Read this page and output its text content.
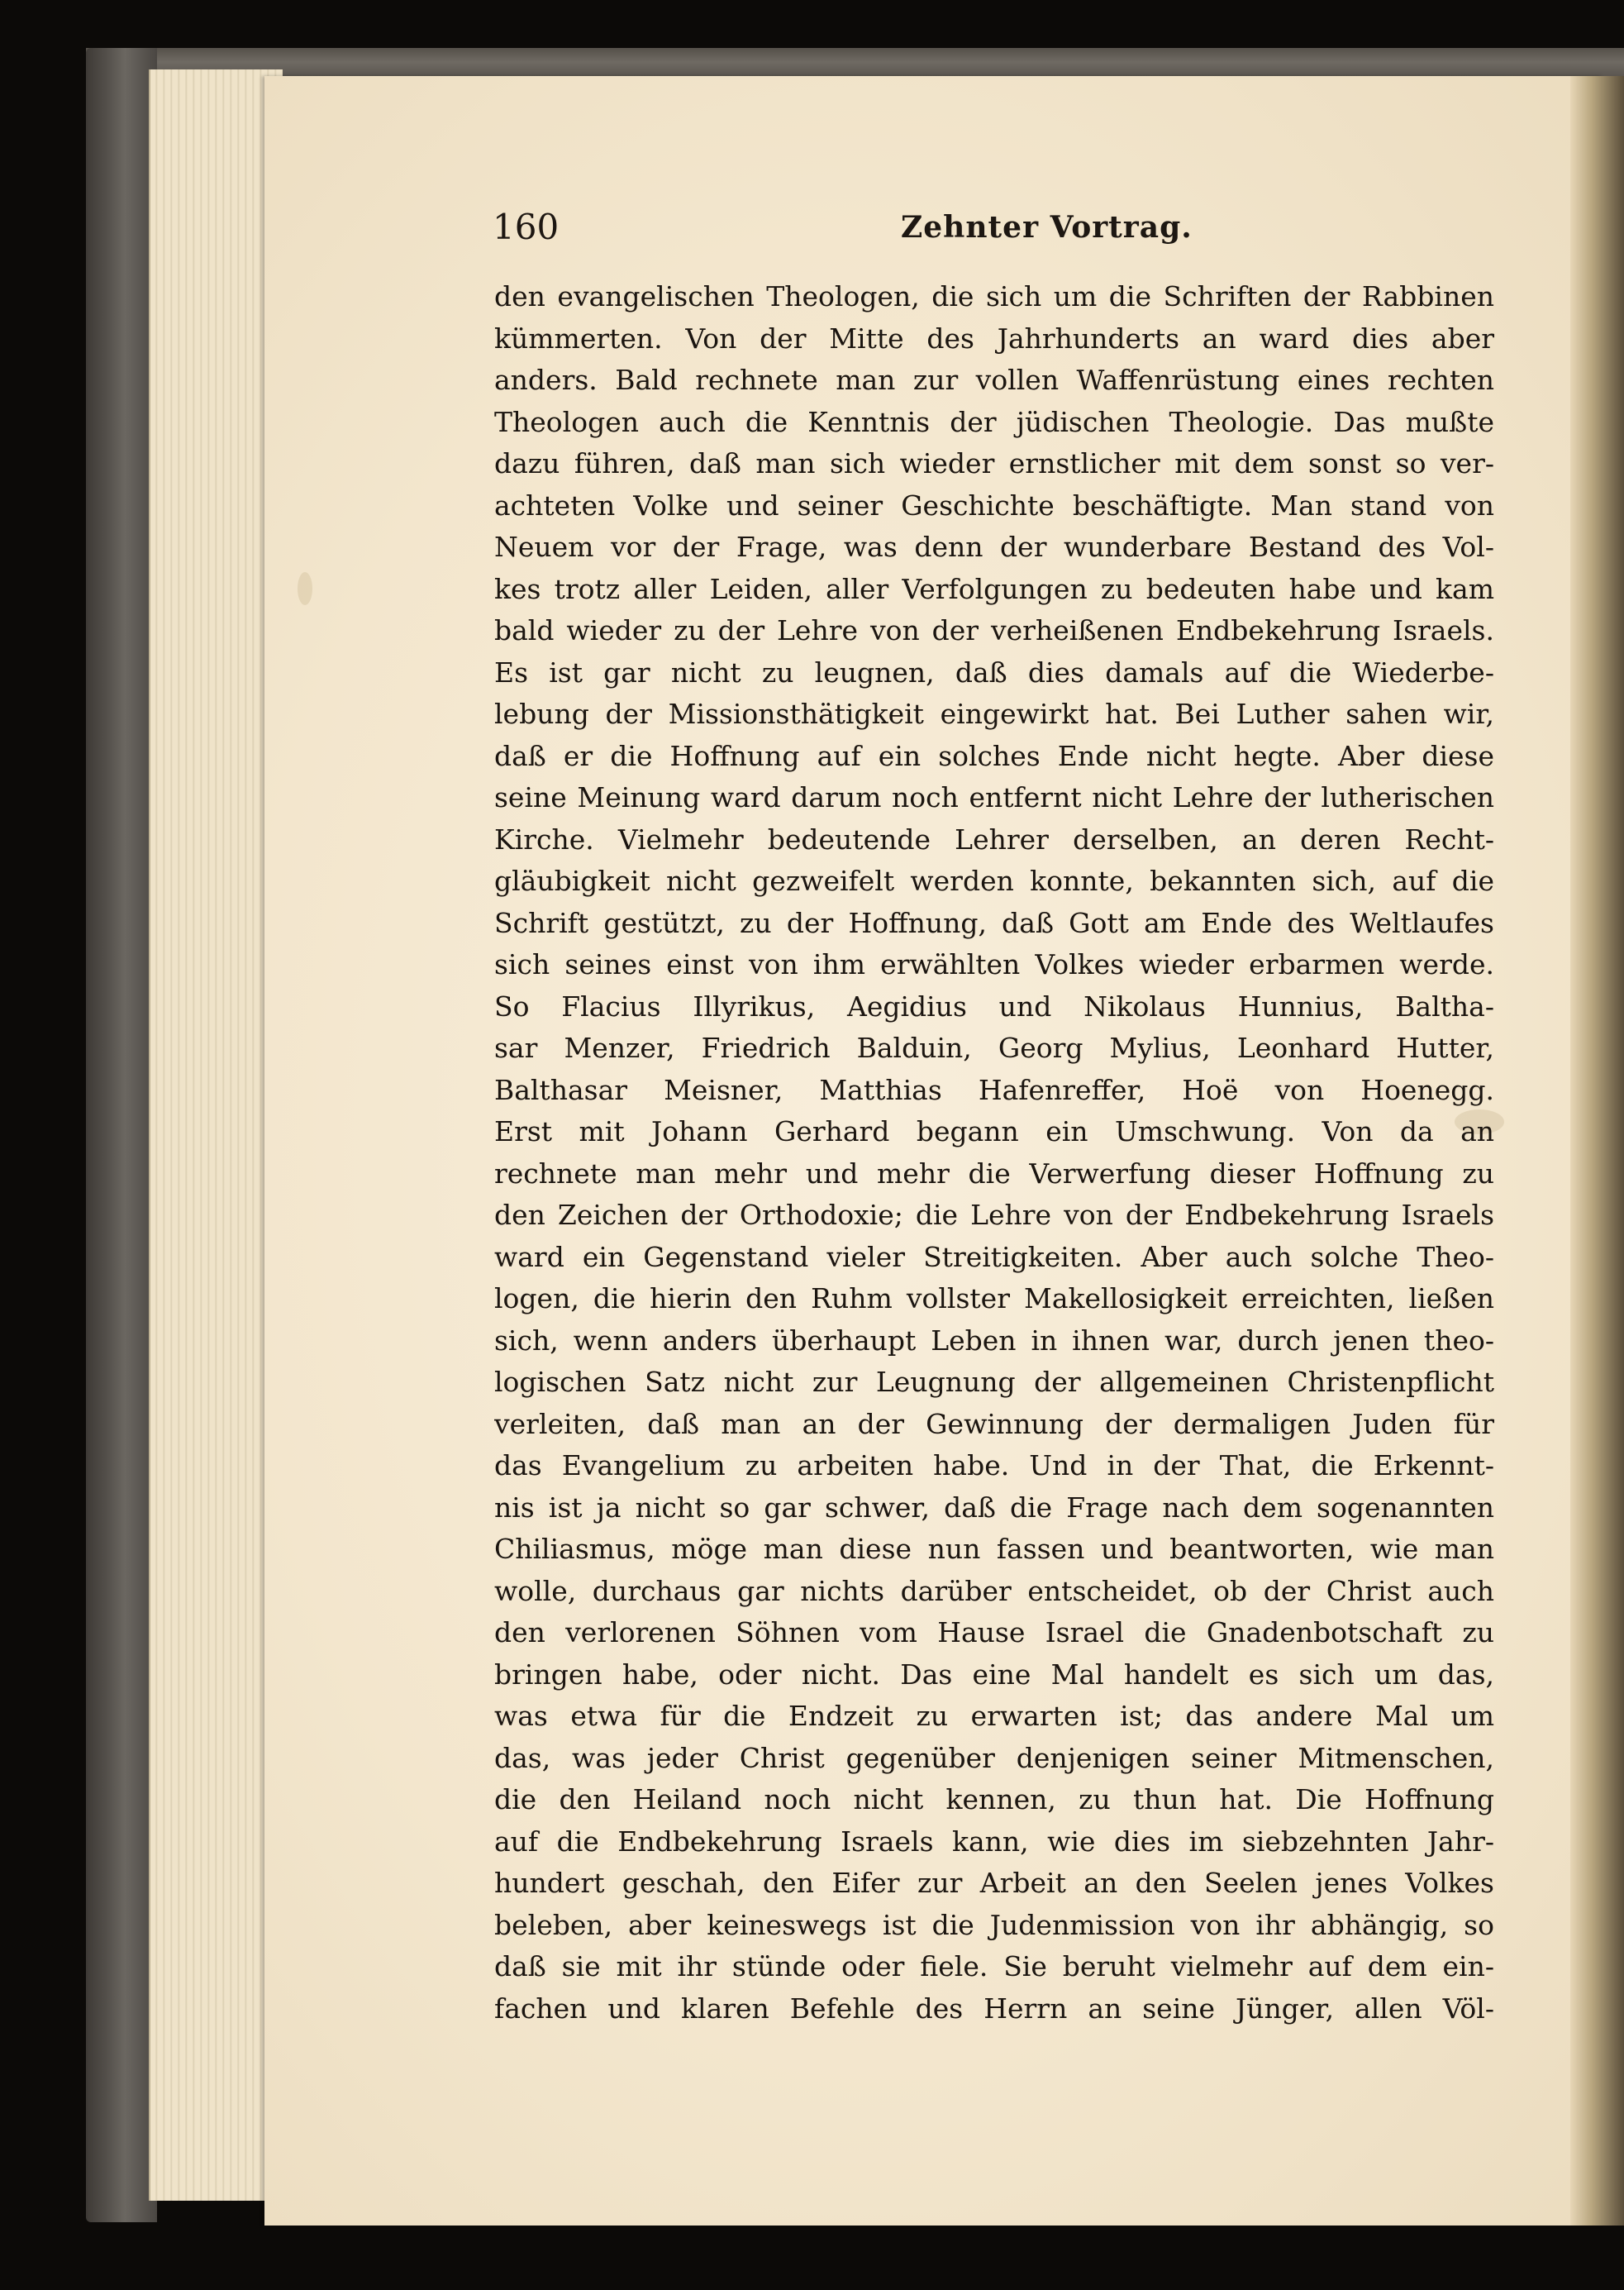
160	Zehnter Vortrag.
den evangelischen Theologen, die sich um die Schriften der Rabbinen
kümmerten. Von der Mitte des Jahrhunderts an ward dies aber
anders. Bald rechnete man zur vollen Waffenrüstung eines rechten
Theologen auch die Kenntnis der jüdischen Theologie. Das mußte
dazu führen, daß man sich wieder ernstlicher mit dem sonst so ver-
achteten Volke und seiner Geschichte beschäftigte. Man stand von
Neuem vor der Frage, was denn der wunderbare Bestand des Vol-
kes trotz aller Leiden, aller Verfolgungen zu bedeuten habe und kam
bald wieder zu der Lehre von der verheißenen Endbekehrung Israels.
Es ist gar nicht zu leugnen, daß dies damals auf die Wiederbe-
lebung der Missionsthätigkeit eingewirkt hat. Bei Luther sahen wir,
daß er die Hoffnung auf ein solches Ende nicht hegte. Aber diese
seine Meinung ward darum noch entfernt nicht Lehre der lutherischen
Kirche. Vielmehr bedeutende Lehrer derselben, an deren Recht-
gläubigkeit nicht gezweifelt werden konnte, bekannten sich, auf die
Schrift gestützt, zu der Hoffnung, daß Gott am Ende des Weltlaufes
sich seines einst von ihm erwählten Volkes wieder erbarmen werde.
So Flacius Illyrikus, Aegidius und Nikolaus Hunnius, Baltha-
sar Menzer, Friedrich Balduin, Georg Mylius, Leonhard Hutter,
Balthasar Meisner, Matthias Hafenreffer, Hoë von Hoenegg.
Erst mit Johann Gerhard begann ein Umschwung. Von da an
rechnete man mehr und mehr die Verwerfung dieser Hoffnung zu
den Zeichen der Orthodoxie; die Lehre von der Endbekehrung Israels
ward ein Gegenstand vieler Streitigkeiten. Aber auch solche Theo-
logen, die hierin den Ruhm vollster Makellosigkeit erreichten, ließen
sich, wenn anders überhaupt Leben in ihnen war, durch jenen theo-
logischen Satz nicht zur Leugnung der allgemeinen Christenpflicht
verleiten, daß man an der Gewinnung der dermaligen Juden für
das Evangelium zu arbeiten habe. Und in der That, die Erkennt-
nis ist ja nicht so gar schwer, daß die Frage nach dem sogenannten
Chiliasmus, möge man diese nun fassen und beantworten, wie man
wolle, durchaus gar nichts darüber entscheidet, ob der Christ auch
den verlorenen Söhnen vom Hause Israel die Gnadenbotschaft zu
bringen habe, oder nicht. Das eine Mal handelt es sich um das,
was etwa für die Endzeit zu erwarten ist; das andere Mal um
das, was jeder Christ gegenüber denjenigen seiner Mitmenschen,
die den Heiland noch nicht kennen, zu thun hat. Die Hoffnung
auf die Endbekehrung Israels kann, wie dies im siebzehnten Jahr-
hundert geschah, den Eifer zur Arbeit an den Seelen jenes Volkes
beleben, aber keineswegs ist die Judenmission von ihr abhängig, so
daß sie mit ihr stünde oder fiele. Sie beruht vielmehr auf dem ein-
fachen und klaren Befehle des Herrn an seine Jünger, allen Völ-
